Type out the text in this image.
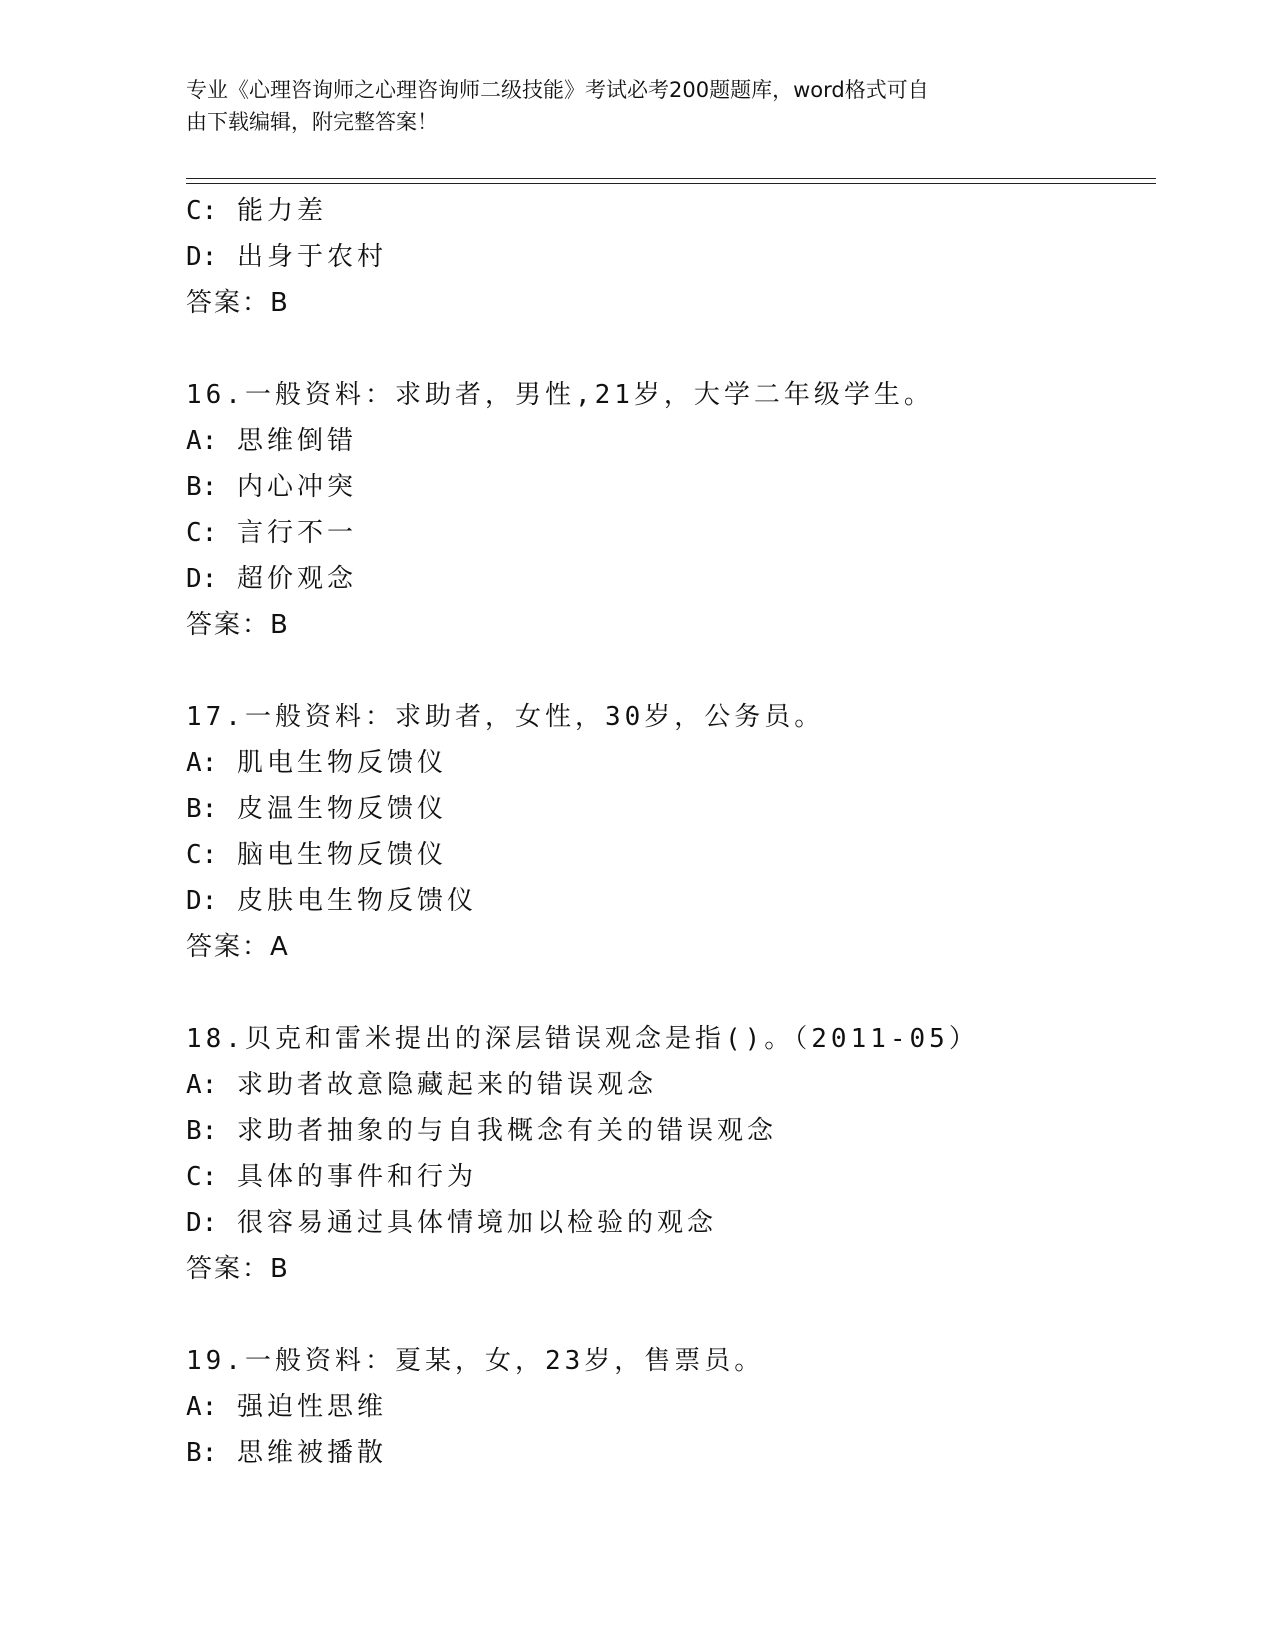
专业《心理咨询师之心理咨询师二级技能》考试必考200题题库，word格式可自
由下载编辑，附完整答案！
C: 能力差
D: 出身于农村
答案：B
16.一般资料：求助者，男性,21岁，大学二年级学生。
A: 思维倒错
B: 内心冲突
C: 言行不一
D: 超价观念
答案：B
17.一般资料：求助者，女性，30岁，公务员。
A: 肌电生物反馈仪
B: 皮温生物反馈仪
C: 脑电生物反馈仪
D: 皮肤电生物反馈仪
答案：A
18.贝克和雷米提出的深层错误观念是指()。（2011-05）
A: 求助者故意隐藏起来的错误观念
B: 求助者抽象的与自我概念有关的错误观念
C: 具体的事件和行为
D: 很容易通过具体情境加以检验的观念
答案：B
19.一般资料：夏某，女，23岁，售票员。
A: 强迫性思维
B: 思维被播散
